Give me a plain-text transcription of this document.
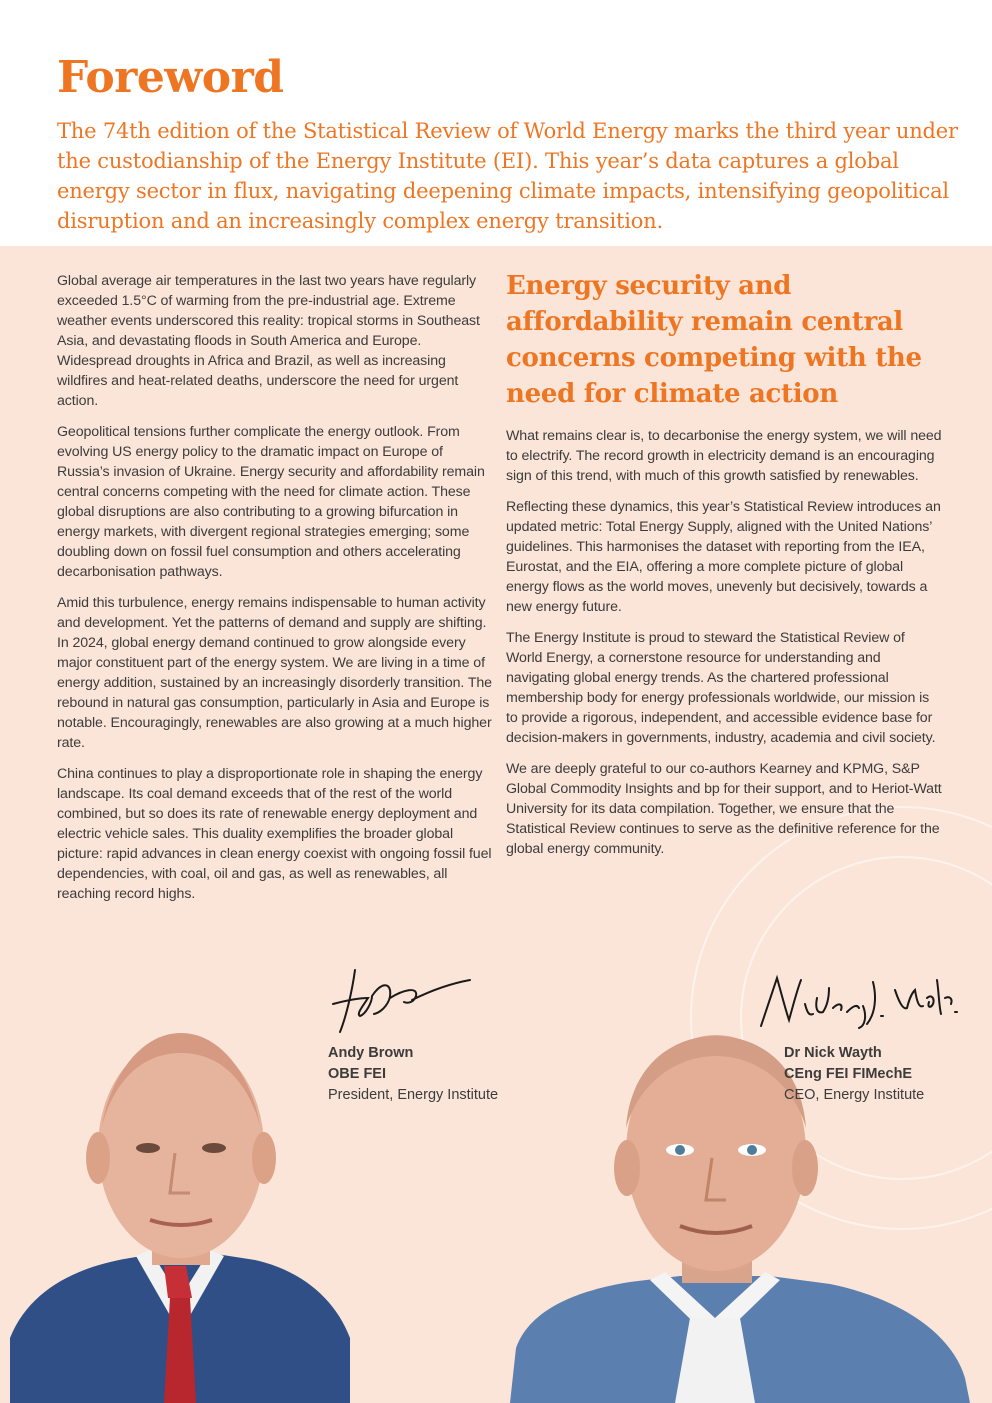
Foreword

The 74th edition of the Statistical Review of World Energy marks the third year under the custodianship of the Energy Institute (EI). This year’s data captures a global energy sector in flux, navigating deepening climate impacts, intensifying geopolitical disruption and an increasingly complex energy transition.

Global average air temperatures in the last two years have regularly exceeded 1.5°C of warming from the pre-industrial age. Extreme weather events underscored this reality: tropical storms in Southeast Asia, and devastating floods in South America and Europe. Widespread droughts in Africa and Brazil, as well as increasing wildfires and heat-related deaths, underscore the need for urgent action.

Geopolitical tensions further complicate the energy outlook. From evolving US energy policy to the dramatic impact on Europe of Russia’s invasion of Ukraine. Energy security and affordability remain central concerns competing with the need for climate action. These global disruptions are also contributing to a growing bifurcation in energy markets, with divergent regional strategies emerging; some doubling down on fossil fuel consumption and others accelerating decarbonisation pathways.

Amid this turbulence, energy remains indispensable to human activity and development. Yet the patterns of demand and supply are shifting. In 2024, global energy demand continued to grow alongside every major constituent part of the energy system. We are living in a time of energy addition, sustained by an increasingly disorderly transition. The rebound in natural gas consumption, particularly in Asia and Europe is notable. Encouragingly, renewables are also growing at a much higher rate.

China continues to play a disproportionate role in shaping the energy landscape. Its coal demand exceeds that of the rest of the world combined, but so does its rate of renewable energy deployment and electric vehicle sales. This duality exemplifies the broader global picture: rapid advances in clean energy coexist with ongoing fossil fuel dependencies, with coal, oil and gas, as well as renewables, all reaching record highs.

Energy security and affordability remain central concerns competing with the need for climate action

What remains clear is, to decarbonise the energy system, we will need to electrify. The record growth in electricity demand is an encouraging sign of this trend, with much of this growth satisfied by renewables.

Reflecting these dynamics, this year’s Statistical Review introduces an updated metric: Total Energy Supply, aligned with the United Nations’ guidelines. This harmonises the dataset with reporting from the IEA, Eurostat, and the EIA, offering a more complete picture of global energy flows as the world moves, unevenly but decisively, towards a new energy future.

The Energy Institute is proud to steward the Statistical Review of World Energy, a cornerstone resource for understanding and navigating global energy trends. As the chartered professional membership body for energy professionals worldwide, our mission is to provide a rigorous, independent, and accessible evidence base for decision-makers in governments, industry, academia and civil society.

We are deeply grateful to our co-authors Kearney and KPMG, S&P Global Commodity Insights and bp for their support, and to Heriot-Watt University for its data compilation. Together, we ensure that the Statistical Review continues to serve as the definitive reference for the global energy community.

Andy Brown
OBE FEI
President, Energy Institute
Dr Nick Wayth
CEng FEI FIMechE
CEO, Energy Institute
